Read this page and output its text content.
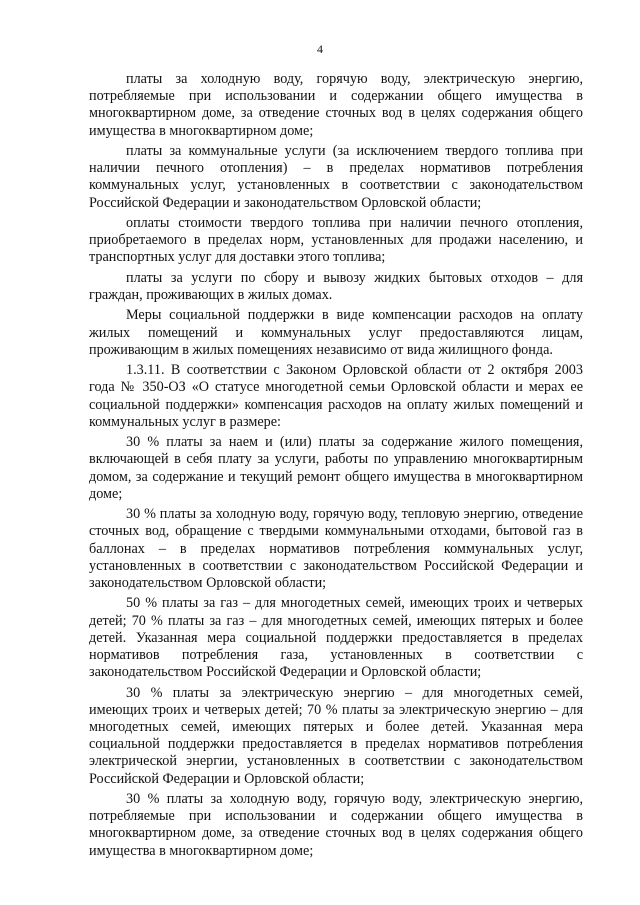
4

платы за холодную воду, горячую воду, электрическую энергию, потребляемые при использовании и содержании общего имущества в многоквартирном доме, за отведение сточных вод в целях содержания общего имущества в многоквартирном доме;

платы за коммунальные услуги (за исключением твердого топлива при наличии печного отопления) – в пределах нормативов потребления коммунальных услуг, установленных в соответствии с законодательством Российской Федерации и законодательством Орловской области;

оплаты стоимости твердого топлива при наличии печного отопления, приобретаемого в пределах норм, установленных для продажи населению, и транспортных услуг для доставки этого топлива;

платы за услуги по сбору и вывозу жидких бытовых отходов – для граждан, проживающих в жилых домах.

Меры социальной поддержки в виде компенсации расходов на оплату жилых помещений и коммунальных услуг предоставляются лицам, проживающим в жилых помещениях независимо от вида жилищного фонда.

1.3.11. В соответствии с Законом Орловской области от 2 октября 2003 года № 350-ОЗ «О статусе многодетной семьи Орловской области и мерах ее социальной поддержки» компенсация расходов на оплату жилых помещений и коммунальных услуг в размере:

30 % платы за наем и (или) платы за содержание жилого помещения, включающей в себя плату за услуги, работы по управлению многоквартирным домом, за содержание и текущий ремонт общего имущества в многоквартирном доме;

30 % платы за холодную воду, горячую воду, тепловую энергию, отведение сточных вод, обращение с твердыми коммунальными отходами, бытовой газ в баллонах – в пределах нормативов потребления коммунальных услуг, установленных в соответствии с законодательством Российской Федерации и законодательством Орловской области;

50 % платы за газ – для многодетных семей, имеющих троих и четверых детей; 70 % платы за газ – для многодетных семей, имеющих пятерых и более детей. Указанная мера социальной поддержки предоставляется в пределах нормативов потребления газа, установленных в соответствии с законодательством Российской Федерации и Орловской области;

30 % платы за электрическую энергию – для многодетных семей, имеющих троих и четверых детей; 70 % платы за электрическую энергию – для многодетных семей, имеющих пятерых и более детей. Указанная мера социальной поддержки предоставляется в пределах нормативов потребления электрической энергии, установленных в соответствии с законодательством Российской Федерации и Орловской области;

30 % платы за холодную воду, горячую воду, электрическую энергию, потребляемые при использовании и содержании общего имущества в многоквартирном доме, за отведение сточных вод в целях содержания общего имущества в многоквартирном доме;
